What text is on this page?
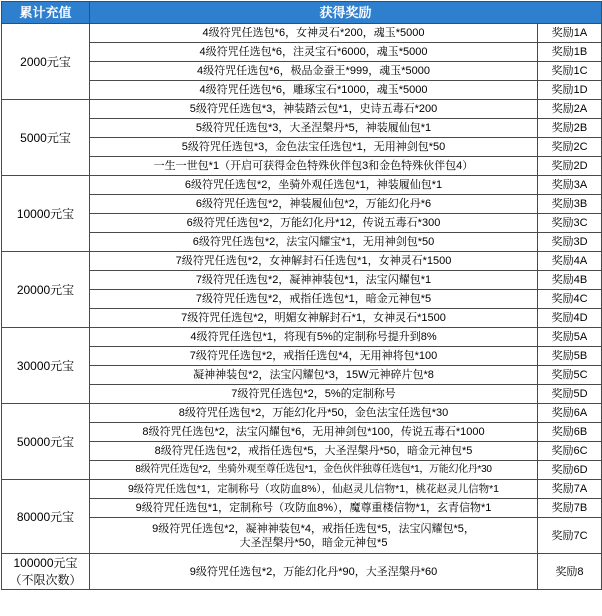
累计充值	获得奖励	
2000元宝	4级符咒任选包*6，女神灵石*200，魂玉*5000	奖励1A
	4级符咒任选包*6，注灵宝石*6000，魂玉*5000	奖励1B
	4级符咒任选包*6，极品金蚕王*999，魂玉*5000	奖励1C
	4级符咒任选包*6，雕琢宝石*1000，魂玉*5000	奖励1D
5000元宝	5级符咒任选包*3，神装踏云包*1，史诗五毒石*200	奖励2A
	5级符咒任选包*3，大圣涅槃丹*5，神装履仙包*1	奖励2B
	5级符咒任选包*3，金色法宝任选包*1，无用神剑包*50	奖励2C
	一生一世包*1（开启可获得金色特殊伙伴包3和金色特殊伙伴包4）	奖励2D
10000元宝	6级符咒任选包*2，坐骑外观任选包*1，神装履仙包*1	奖励3A
	6级符咒任选包*2，神装履仙包*2，万能幻化丹*6	奖励3B
	6级符咒任选包*2，万能幻化丹*12，传说五毒石*300	奖励3C
	6级符咒任选包*2，法宝闪耀宝*1，无用神剑包*50	奖励3D
20000元宝	7级符咒任选包*2，女神解封石任选包*1，女神灵石*1500	奖励4A
	7级符咒任选包*2，凝神神装包*1，法宝闪耀包*1	奖励4B
	7级符咒任选包*2，戒指任选包*1，暗金元神包*5	奖励4C
	7级符咒任选包*2，明媚女神解封石*1，女神灵石*1500	奖励4D
30000元宝	4级符咒任选包*1，将现有5%的定制称号提升到8%	奖励5A
	7级符咒任选包*2，戒指任选包*4，无用神将包*100	奖励5B
	凝神神装包*2，法宝闪耀包*3，15W元神碎片包*8	奖励5C
	7级符咒任选包*2，5%的定制称号	奖励5D
50000元宝	8级符咒任选包*2，万能幻化丹*50，金色法宝任选包*30	奖励6A
	8级符咒任选包*2，法宝闪耀包*6，无用神剑包*100，传说五毒石*1000	奖励6B
	8级符咒任选包*2，戒指任选包*5，大圣涅槃丹*50，暗金元神包*5	奖励6C
	8级符咒任选包*2，坐骑外观至尊任选包*1，金色伙伴独尊任选包*1，万能幻化丹*30	奖励6D
80000元宝	9级符咒任选包*1，定制称号（攻防血8%），仙赵灵儿信物*1，桃花赵灵儿信物*1	奖励7A
	9级符咒任选包*1，定制称号（攻防血8%），魔尊重楼信物*1，玄青信物*1	奖励7B
	9级符咒任选包*2，凝神神装包*4，戒指任选包*5，法宝闪耀包*5，大圣涅槃丹*50，暗金元神包*5	奖励7C

100000元宝
（不限次数）	9级符咒任选包*2，万能幻化丹*90，大圣涅槃丹*60	奖励8
